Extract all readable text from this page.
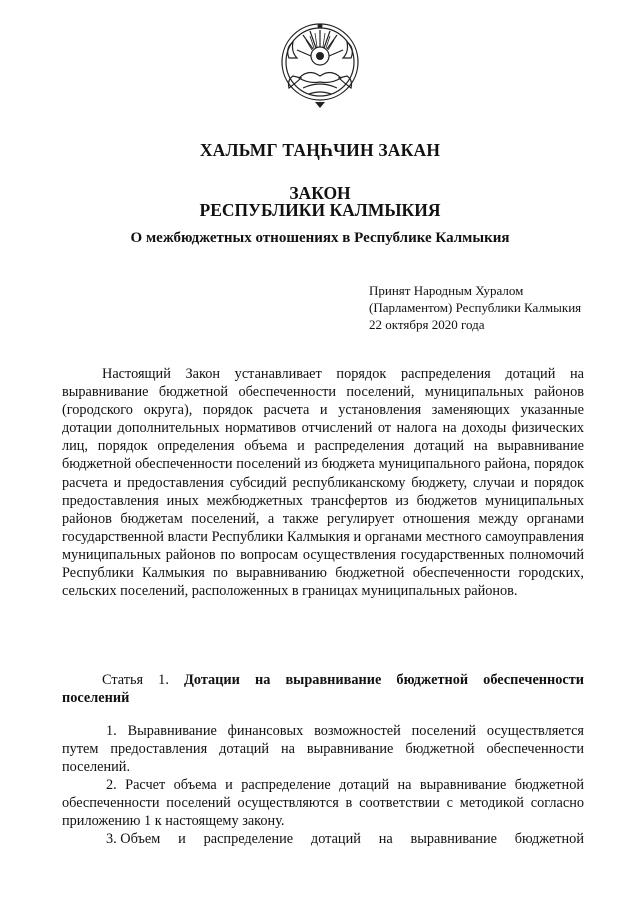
ХАЛЬМГ ТАҢҺЧИН ЗАКАН
ЗАКОН
РЕСПУБЛИКИ КАЛМЫКИЯ
О межбюджетных отношениях в Республике Калмыкия
Принят Народным Хуралом
(Парламентом) Республики Калмыкия
22 октября 2020 года
Настоящий Закон устанавливает порядок распределения дотаций на выравнивание бюджетной обеспеченности поселений, муниципальных районов (городского округа), порядок расчета и установления заменяющих указанные дотации дополнительных нормативов отчислений от налога на доходы физических лиц, порядок определения объема и распределения дотаций на выравнивание бюджетной обеспеченности поселений из бюджета муниципального района, порядок расчета и предоставления субсидий республиканскому бюджету, случаи и порядок предоставления иных межбюджетных трансфертов из бюджетов муниципальных районов бюджетам поселений, а также регулирует отношения между органами государственной власти Республики Калмыкия и органами местного самоуправления муниципальных районов по вопросам осуществления государственных полномочий Республики Калмыкия по выравниванию бюджетной обеспеченности городских, сельских поселений, расположенных в границах муниципальных районов.
Статья 1. Дотации на выравнивание бюджетной обеспеченности поселений
1. Выравнивание финансовых возможностей поселений осуществляется путем предоставления дотаций на выравнивание бюджетной обеспеченности поселений.
2. Расчет объема и распределение дотаций на выравнивание бюджетной обеспеченности поселений осуществляются в соответствии с методикой согласно приложению 1 к настоящему закону.
3. Объем и распределение дотаций на выравнивание бюджетной
